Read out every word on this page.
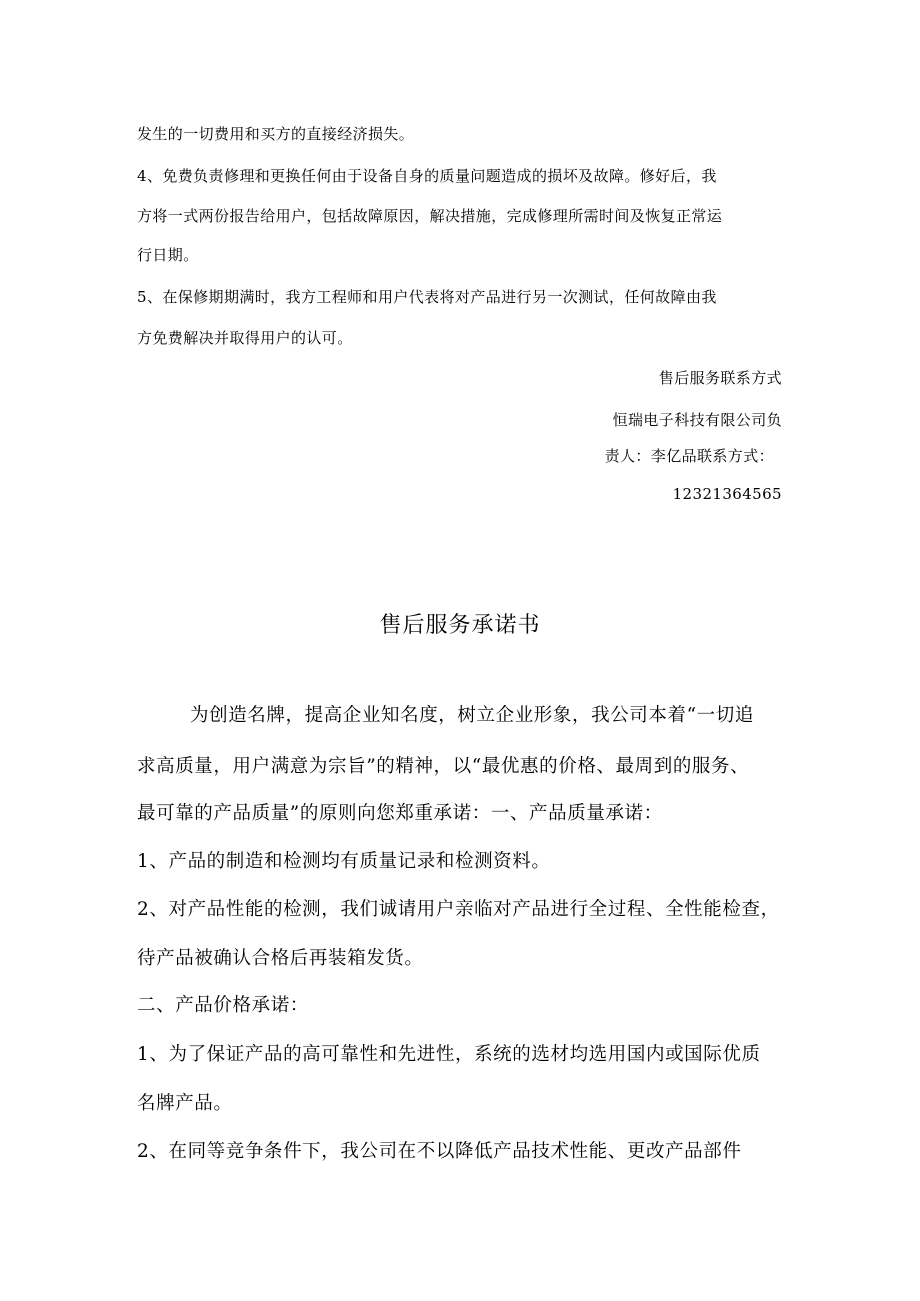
发生的一切费用和买方的直接经济损失。

4、免费负责修理和更换任何由于设备自身的质量问题造成的损坏及故障。修好后，我

方将一式两份报告给用户，包括故障原因，解决措施，完成修理所需时间及恢复正常运

行日期。

5、在保修期期满时，我方工程师和用户代表将对产品进行另一次测试，任何故障由我

方免费解决并取得用户的认可。

售后服务联系方式

恒瑞电子科技有限公司负

责人：李亿品联系方式：

12321364565

售后服务承诺书

为创造名牌，提高企业知名度，树立企业形象，我公司本着“一切追

求高质量，用户满意为宗旨”的精神，以“最优惠的价格、最周到的服务、

最可靠的产品质量”的原则向您郑重承诺：一、产品质量承诺：

1、产品的制造和检测均有质量记录和检测资料。

2、对产品性能的检测，我们诚请用户亲临对产品进行全过程、全性能检查，

待产品被确认合格后再装箱发货。

二、产品价格承诺：

1、为了保证产品的高可靠性和先进性，系统的选材均选用国内或国际优质

名牌产品。

2、在同等竞争条件下，我公司在不以降低产品技术性能、更改产品部件
